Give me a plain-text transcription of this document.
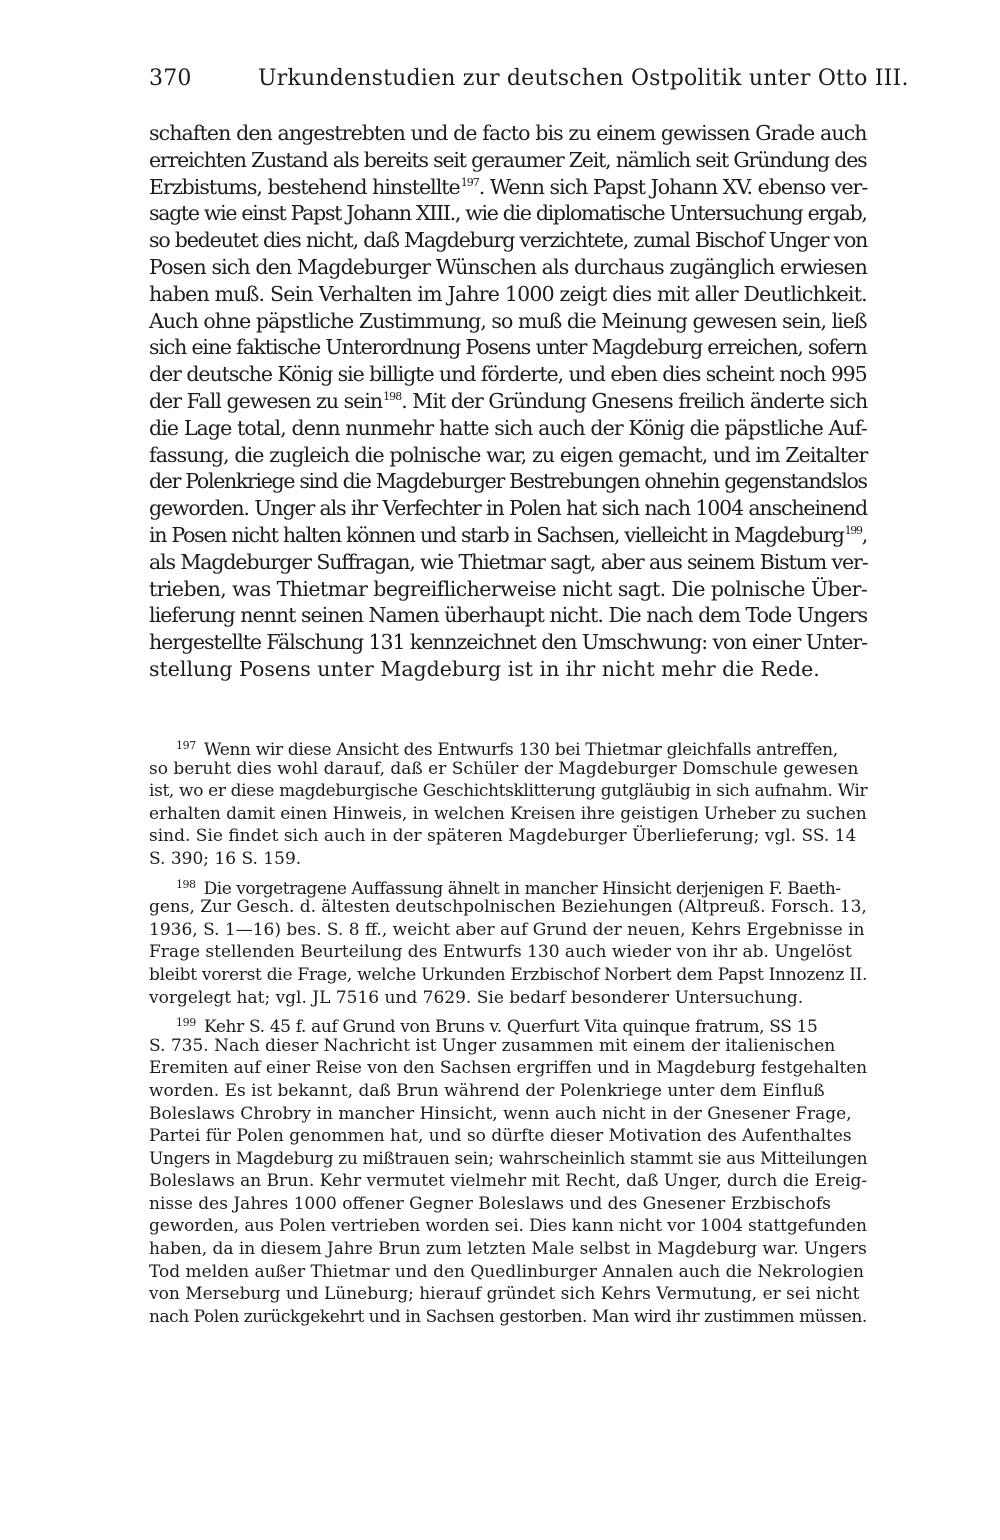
370	Urkundenstudien zur deutschen Ostpolitik unter Otto III.
schaften den angestrebten und de facto bis zu einem gewissen Grade auch
erreichten Zustand als bereits seit geraumer Zeit, nämlich seit Gründung des
Erzbistums, bestehend hinstellte$^{197}$. Wenn sich Papst Johann XV. ebenso ver-
sagte wie einst Papst Johann XIII., wie die diplomatische Untersuchung ergab,
so bedeutet dies nicht, daß Magdeburg verzichtete, zumal Bischof Unger von
Posen sich den Magdeburger Wünschen als durchaus zugänglich erwiesen
haben muß. Sein Verhalten im Jahre 1000 zeigt dies mit aller Deutlichkeit.
Auch ohne päpstliche Zustimmung, so muß die Meinung gewesen sein, ließ
sich eine faktische Unterordnung Posens unter Magdeburg erreichen, sofern
der deutsche König sie billigte und förderte, und eben dies scheint noch 995
der Fall gewesen zu sein$^{198}$. Mit der Gründung Gnesens freilich änderte sich
die Lage total, denn nunmehr hatte sich auch der König die päpstliche Auf-
fassung, die zugleich die polnische war, zu eigen gemacht, und im Zeitalter
der Polenkriege sind die Magdeburger Bestrebungen ohnehin gegenstandslos
geworden. Unger als ihr Verfechter in Polen hat sich nach 1004 anscheinend
in Posen nicht halten können und starb in Sachsen, vielleicht in Magdeburg$^{199}$,
als Magdeburger Suffragan, wie Thietmar sagt, aber aus seinem Bistum ver-
trieben, was Thietmar begreiflicherweise nicht sagt. Die polnische Über-
lieferung nennt seinen Namen überhaupt nicht. Die nach dem Tode Ungers
hergestellte Fälschung 131 kennzeichnet den Umschwung: von einer Unter-
stellung Posens unter Magdeburg ist in ihr nicht mehr die Rede.
$^{197}$ Wenn wir diese Ansicht des Entwurfs 130 bei Thietmar gleichfalls antreffen,
so beruht dies wohl darauf, daß er Schüler der Magdeburger Domschule gewesen
ist, wo er diese magdeburgische Geschichtsklitterung gutgläubig in sich aufnahm. Wir
erhalten damit einen Hinweis, in welchen Kreisen ihre geistigen Urheber zu suchen
sind. Sie findet sich auch in der späteren Magdeburger Überlieferung; vgl. SS. 14
S. 390; 16 S. 159.
$^{198}$ Die vorgetragene Auffassung ähnelt in mancher Hinsicht derjenigen F. Baeth-
gens, Zur Gesch. d. ältesten deutschpolnischen Beziehungen (Altpreuß. Forsch. 13,
1936, S. 1—16) bes. S. 8 ff., weicht aber auf Grund der neuen, Kehrs Ergebnisse in
Frage stellenden Beurteilung des Entwurfs 130 auch wieder von ihr ab. Ungelöst
bleibt vorerst die Frage, welche Urkunden Erzbischof Norbert dem Papst Innozenz II.
vorgelegt hat; vgl. JL 7516 und 7629. Sie bedarf besonderer Untersuchung.
$^{199}$ Kehr S. 45 f. auf Grund von Bruns v. Querfurt Vita quinque fratrum, SS 15
S. 735. Nach dieser Nachricht ist Unger zusammen mit einem der italienischen
Eremiten auf einer Reise von den Sachsen ergriffen und in Magdeburg festgehalten
worden. Es ist bekannt, daß Brun während der Polenkriege unter dem Einfluß
Boleslaws Chrobry in mancher Hinsicht, wenn auch nicht in der Gnesener Frage,
Partei für Polen genommen hat, und so dürfte dieser Motivation des Aufenthaltes
Ungers in Magdeburg zu mißtrauen sein; wahrscheinlich stammt sie aus Mitteilungen
Boleslaws an Brun. Kehr vermutet vielmehr mit Recht, daß Unger, durch die Ereig-
nisse des Jahres 1000 offener Gegner Boleslaws und des Gnesener Erzbischofs
geworden, aus Polen vertrieben worden sei. Dies kann nicht vor 1004 stattgefunden
haben, da in diesem Jahre Brun zum letzten Male selbst in Magdeburg war. Ungers
Tod melden außer Thietmar und den Quedlinburger Annalen auch die Nekrologien
von Merseburg und Lüneburg; hierauf gründet sich Kehrs Vermutung, er sei nicht
nach Polen zurückgekehrt und in Sachsen gestorben. Man wird ihr zustimmen müssen.
